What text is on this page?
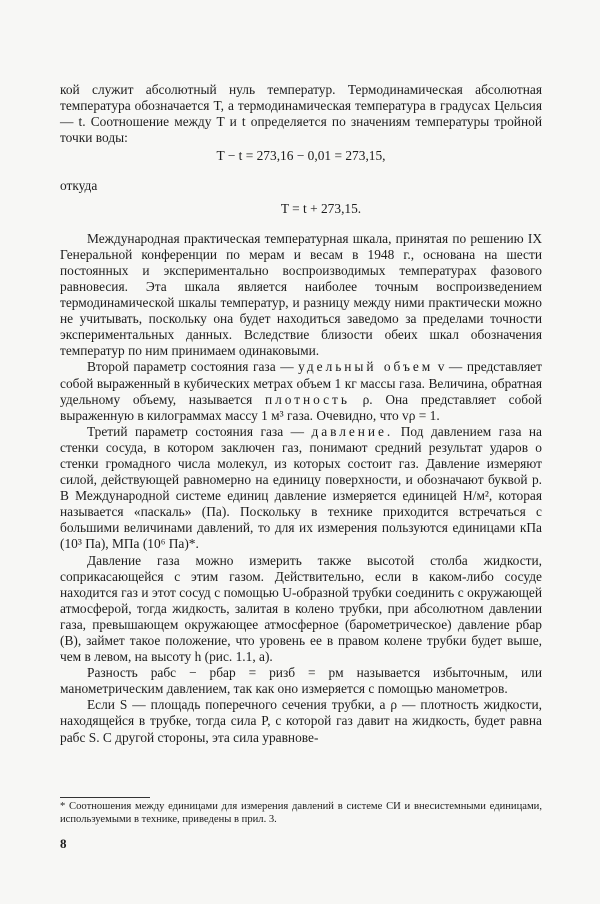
кой служит абсолютный нуль температур. Термодинамическая абсолютная температура обозначается T, а термодинамическая температура в градусах Цельсия — t. Соотношение между T и t определяется по значениям температуры тройной точки воды:

T − t = 273,16 − 0,01 = 273,15,

откуда

T = t + 273,15.

Международная практическая температурная шкала, принятая по решению IX Генеральной конференции по мерам и весам в 1948 г., основана на шести постоянных и экспериментально воспроизводимых температурах фазового равновесия. Эта шкала является наиболее точным воспроизведением термодинамической шкалы температур, и разницу между ними практически можно не учитывать, поскольку она будет находиться заведомо за пределами точности экспериментальных данных. Вследствие близости обеих шкал обозначения температур по ним принимаем одинаковыми.

Второй параметр состояния газа — удельный объем v — представляет собой выраженный в кубических метрах объем 1 кг массы газа. Величина, обратная удельному объему, называется плотность ρ. Она представляет собой выраженную в килограммах массу 1 м³ газа. Очевидно, что vρ = 1.

Третий параметр состояния газа — давление. Под давлением газа на стенки сосуда, в котором заключен газ, понимают средний результат ударов о стенки громадного числа молекул, из которых состоит газ. Давление измеряют силой, действующей равномерно на единицу поверхности, и обозначают буквой p. В Международной системе единиц давление измеряется единицей Н/м², которая называется «паскаль» (Па). Поскольку в технике приходится встречаться с большими величинами давлений, то для их измерения пользуются единицами кПа (10³ Па), МПа (10⁶ Па)*.

Давление газа можно измерить также высотой столба жидкости, соприкасающейся с этим газом. Действительно, если в каком-либо сосуде находится газ и этот сосуд с помощью U-образной трубки соединить с окружающей атмосферой, тогда жидкость, залитая в колено трубки, при абсолютном давлении газа, превышающем окружающее атмосферное (барометрическое) давление pбар (B), займет такое положение, что уровень ее в правом колене трубки будет выше, чем в левом, на высоту h (рис. 1.1, а).

Разность pабс − pбар = pизб = pм называется избыточным, или манометрическим давлением, так как оно измеряется с помощью манометров.

Если S — площадь поперечного сечения трубки, а ρ — плотность жидкости, находящейся в трубке, тогда сила P, с которой газ давит на жидкость, будет равна pабс S. С другой стороны, эта сила уравнове-

* Соотношения между единицами для измерения давлений в системе СИ и внесистемными единицами, используемыми в технике, приведены в прил. 3.
8
